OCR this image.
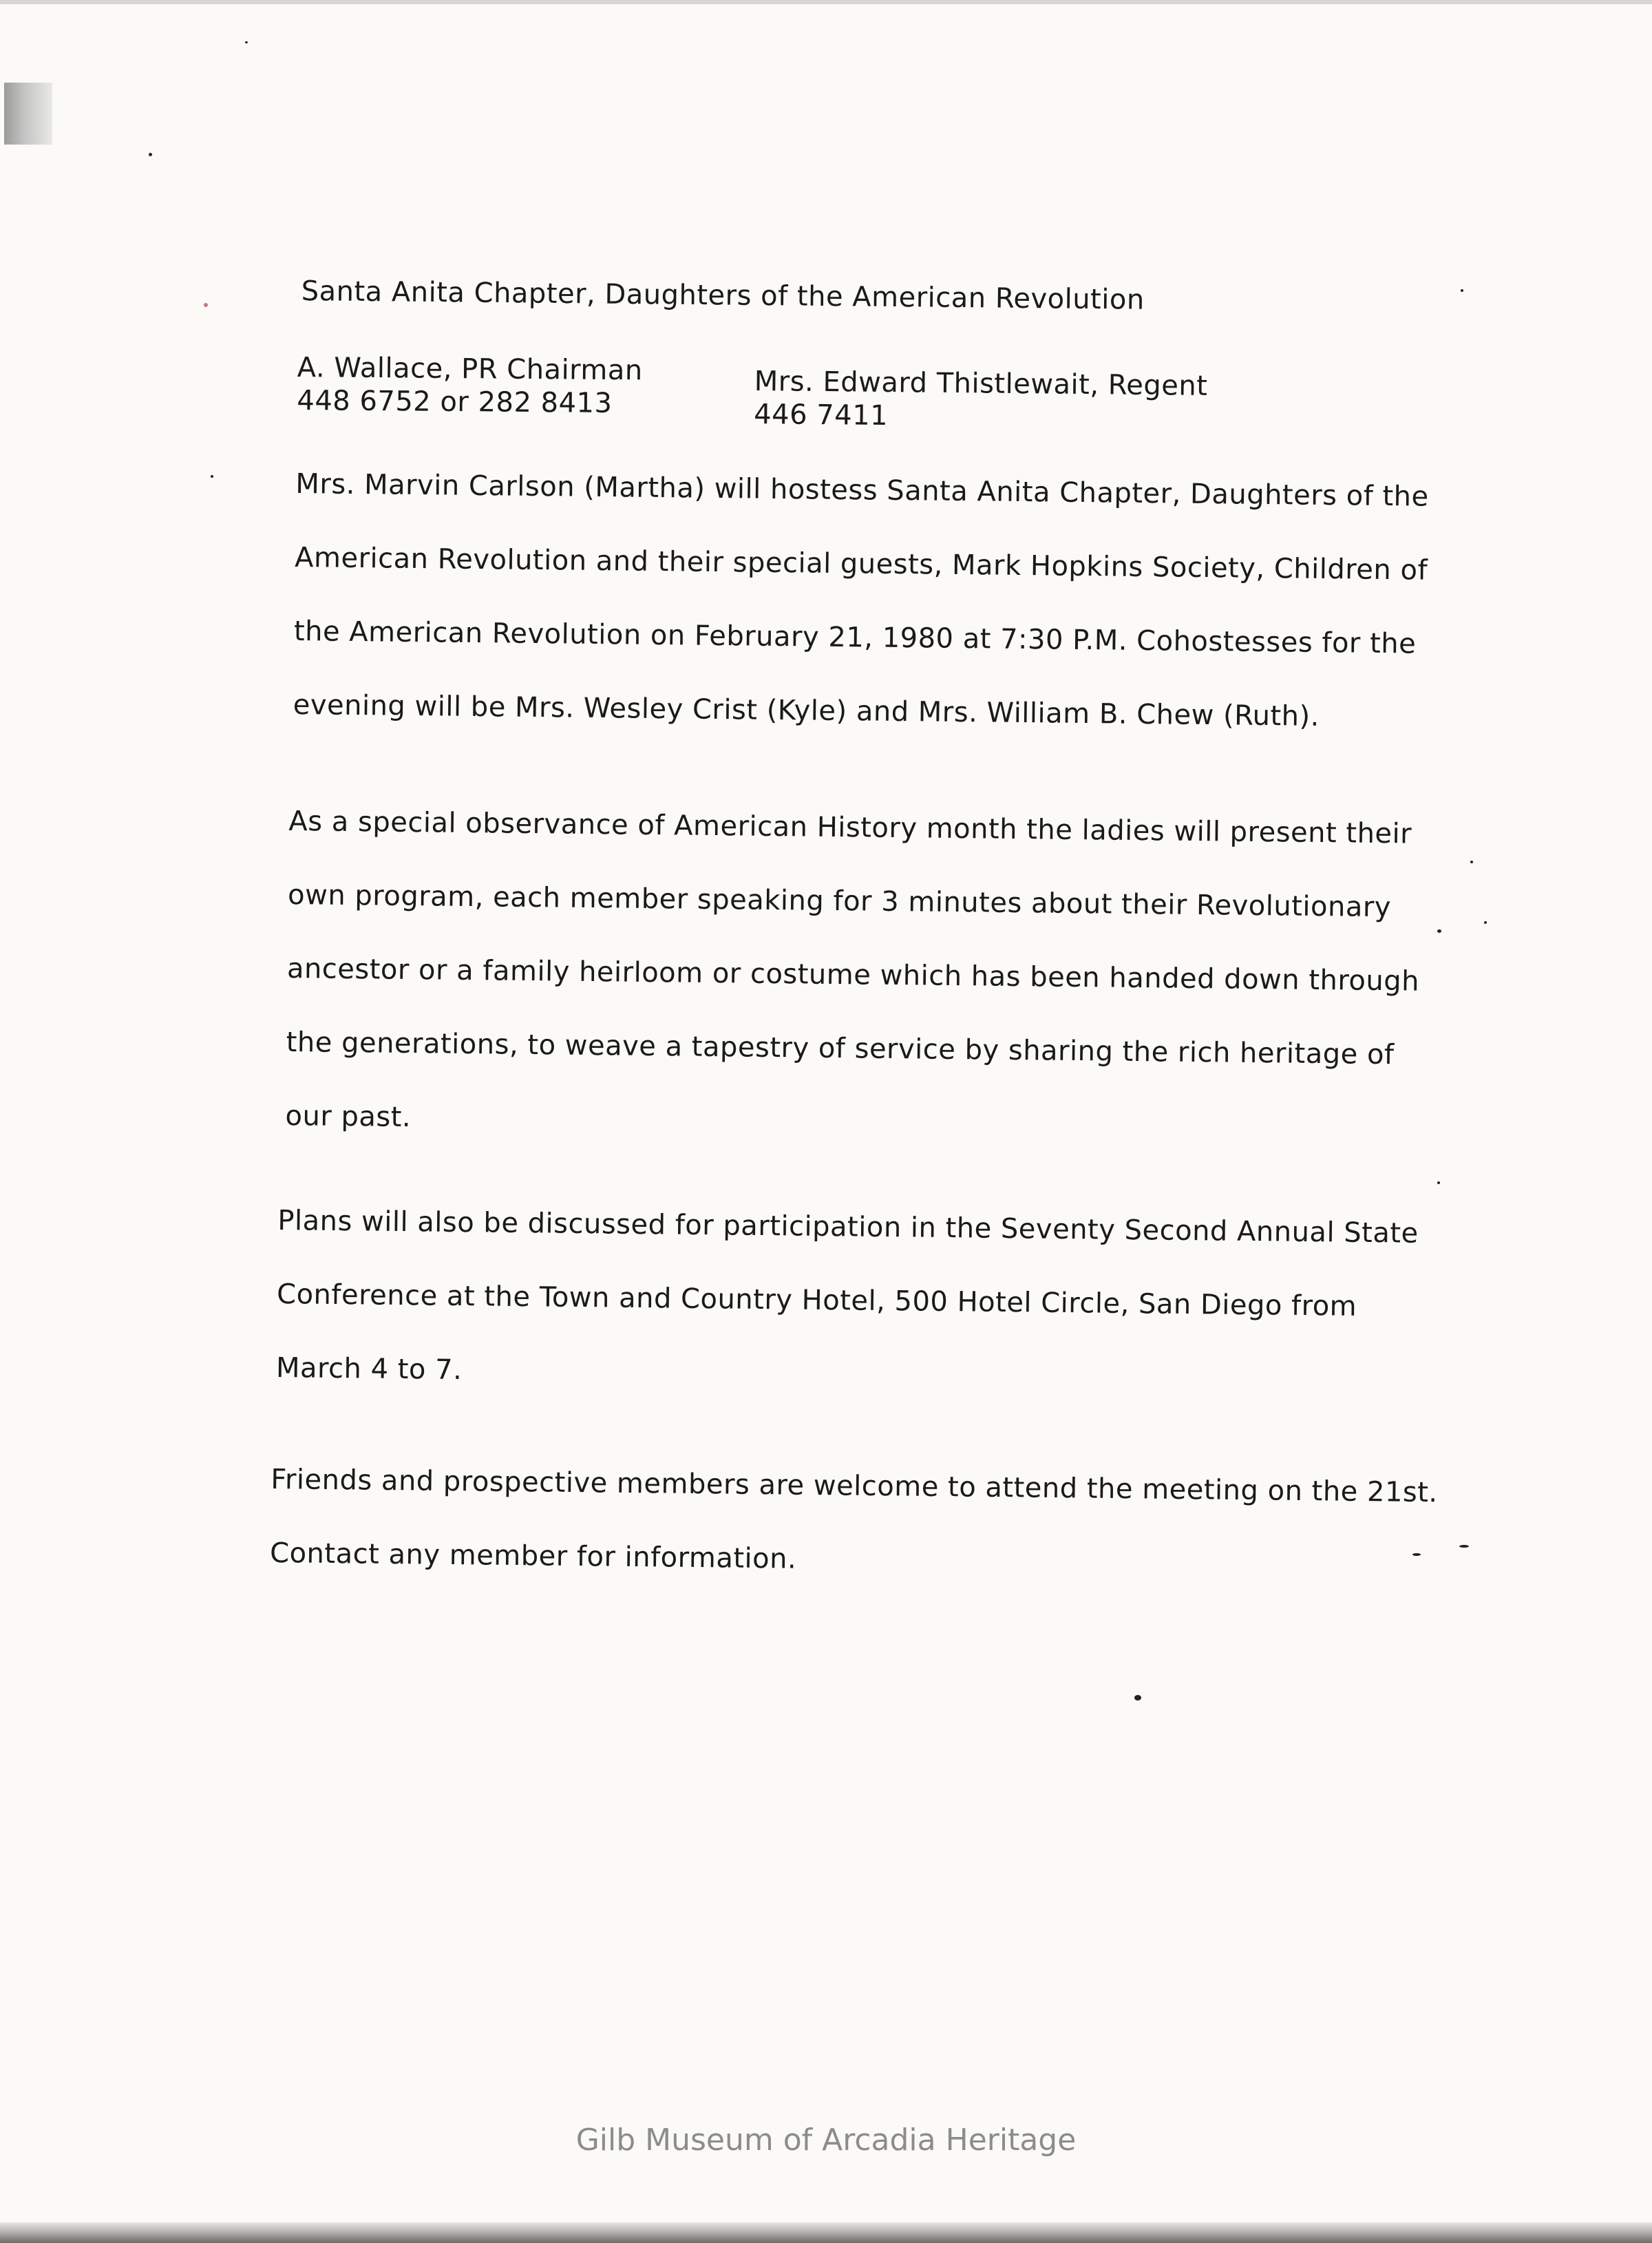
Santa Anita Chapter, Daughters of the American Revolution
A. Wallace, PR Chairman
448 6752 or 282 8413
Mrs. Edward Thistlewait, Regent
446 7411
Mrs. Marvin Carlson (Martha) will hostess Santa Anita Chapter, Daughters of the
American Revolution and their special guests, Mark Hopkins Society, Children of
the American Revolution on February 21, 1980 at 7:30 P.M. Cohostesses for the
evening will be Mrs. Wesley Crist (Kyle) and Mrs. William B. Chew (Ruth).
As a special observance of American History month the ladies will present their
own program, each member speaking for 3 minutes about their Revolutionary
ancestor or a family heirloom or costume which has been handed down through
the generations, to weave a tapestry of service by sharing the rich heritage of
our past.
Plans will also be discussed for participation in the Seventy Second Annual State
Conference at the Town and Country Hotel, 500 Hotel Circle, San Diego from
March 4 to 7.
Friends and prospective members are welcome to attend the meeting on the 21st.
Contact any member for information.
Gilb Museum of Arcadia Heritage
